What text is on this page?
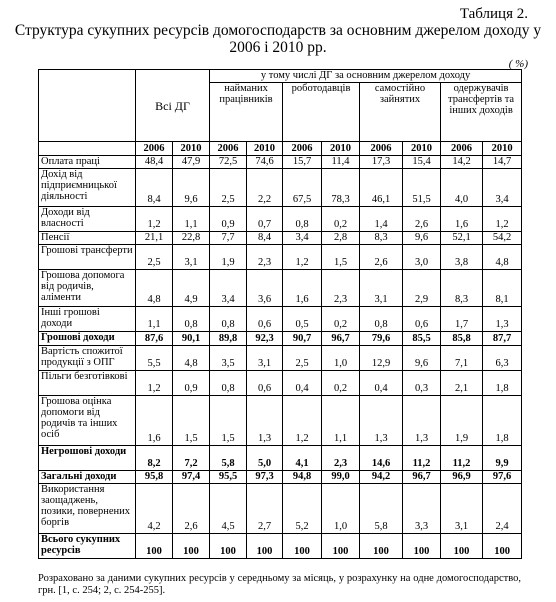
Таблиця 2.
Структура сукупних ресурсів домогосподарств за основним джерелом доходу у 2006 і 2010 рр.
( %)
	Всі ДГ		у тому числі ДГ за основним джерелом доходу							
			найманих працівників		роботодавців		самостійно зайнятих		одержувачів трансфертів та інших доходів	
	2006	2010	2006	2010	2006	2010	2006	2010	2006	2010
Оплата праці	48,4	47,9	72,5	74,6	15,7	11,4	17,3	15,4	14,2	14,7
Дохід від підприємницької діяльності	8,4	9,6	2,5	2,2	67,5	78,3	46,1	51,5	4,0	3,4
Доходи від власності	1,2	1,1	0,9	0,7	0,8	0,2	1,4	2,6	1,6	1,2
Пенсії	21,1	22,8	7,7	8,4	3,4	2,8	8,3	9,6	52,1	54,2
Грошові трансферти	2,5	3,1	1,9	2,3	1,2	1,5	2,6	3,0	3,8	4,8
Грошова допомога від родичів, аліменти	4,8	4,9	3,4	3,6	1,6	2,3	3,1	2,9	8,3	8,1
Інші грошові доходи	1,1	0,8	0,8	0,6	0,5	0,2	0,8	0,6	1,7	1,3
Грошові доходи	87,6	90,1	89,8	92,3	90,7	96,7	79,6	85,5	85,8	87,7
Вартість спожитої продукції з ОПГ	5,5	4,8	3,5	3,1	2,5	1,0	12,9	9,6	7,1	6,3
Пільги безготівкові	1,2	0,9	0,8	0,6	0,4	0,2	0,4	0,3	2,1	1,8
Грошова оцінка допомоги від родичів та інших осіб	1,6	1,5	1,5	1,3	1,2	1,1	1,3	1,3	1,9	1,8
Негрошові доходи	8,2	7,2	5,8	5,0	4,1	2,3	14,6	11,2	11,2	9,9
Загальні доходи	95,8	97,4	95,5	97,3	94,8	99,0	94,2	96,7	96,9	97,6
Використання заощаджень, позики, повернених боргів	4,2	2,6	4,5	2,7	5,2	1,0	5,8	3,3	3,1	2,4
Всього сукупних ресурсів	100	100	100	100	100	100	100	100	100	100
Розраховано за даними сукупних ресурсів у середньому за місяць, у розрахунку на одне домогосподарство, грн. [1, с. 254; 2, с. 254-255].
